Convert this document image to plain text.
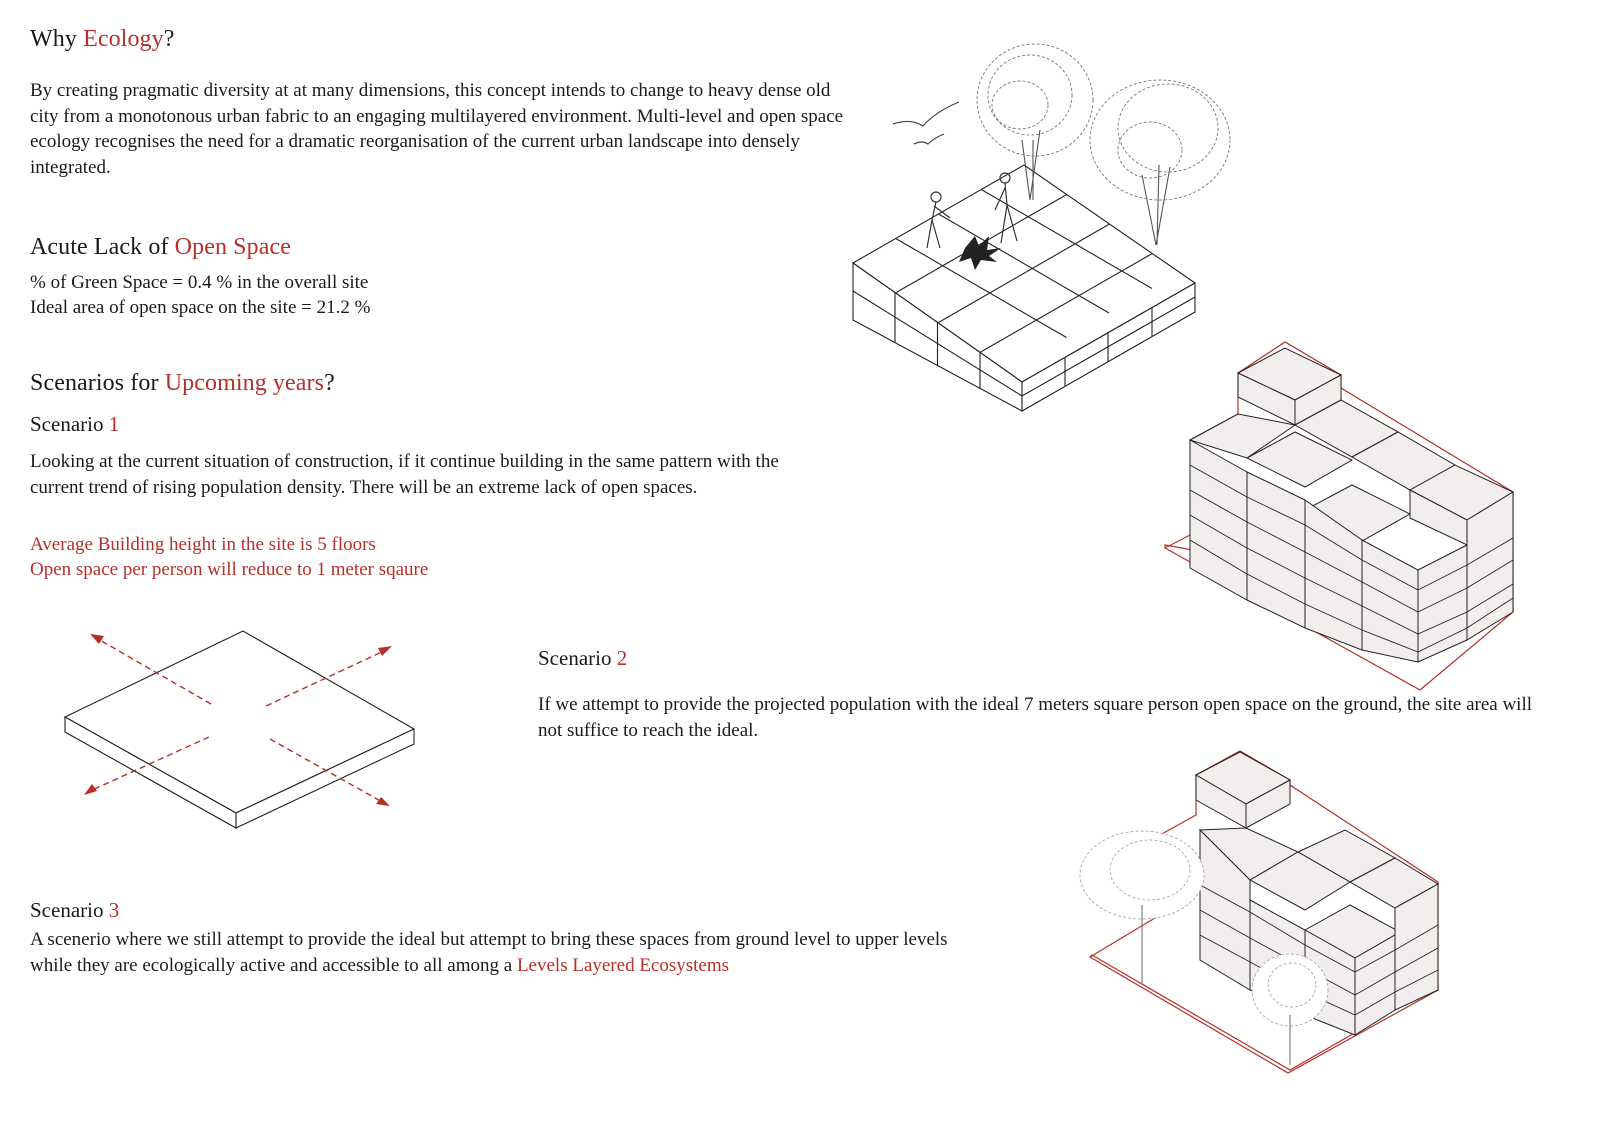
Why Ecology?

By creating pragmatic diversity at at many dimensions, this concept intends to change to heavy dense old city from a monotonous urban fabric to an engaging multilayered environment. Multi-level and open space ecology recognises the need for a dramatic reorganisation of the current urban landscape into densely integrated.

Acute Lack of Open Space

% of Green Space = 0.4 % in the overall site

Ideal area of open space on the site = 21.2 %

Scenarios for Upcoming years?
Scenario 1

Looking at the current situation of construction, if it continue building in the same pattern with the current trend of rising population density. There will be an extreme lack of open spaces.

Average Building height in the site is 5 floors

Open space per person will reduce to 1 meter sqaure

Scenario 2

If we attempt to provide the projected population with the ideal 7 meters square person open space on the ground, the site area will not suffice to reach the ideal.

Scenario 3

A scenerio where we still attempt to provide the ideal but attempt to bring these spaces from ground level to upper levels while they are ecologically active and accessible to all among a Levels Layered Ecosystems
